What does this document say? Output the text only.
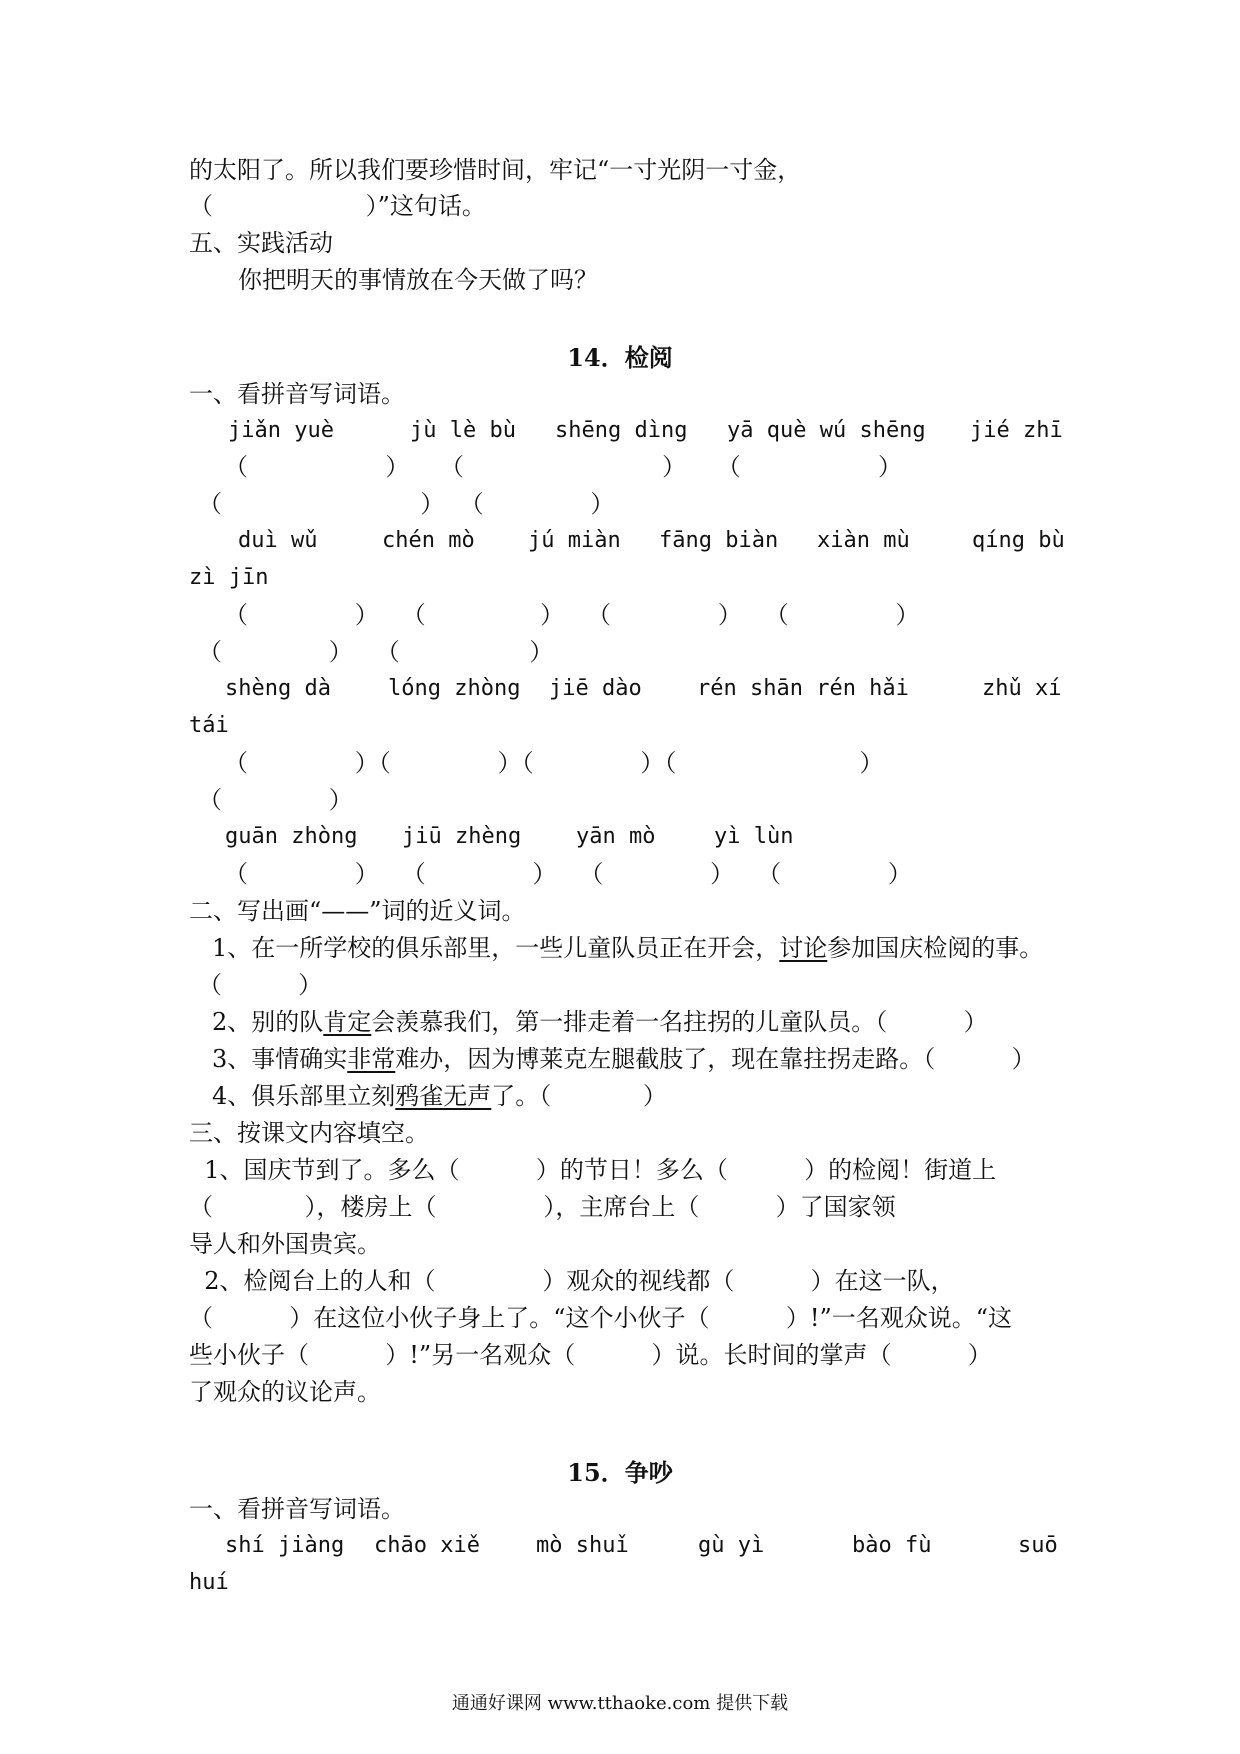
的太阳了。所以我们要珍惜时间，牢记“一寸光阴一寸金，
（                    ）”这句话。
五、实践活动
你把明天的事情放在今天做了吗？
14．检阅
一、看拼音写词语。
jiǎn yuè	jù lè bù shēng dìng yā què wú shēng jié zhī
（                  ）    （                          ）    （                  ）
（                          ）  （              ）
duì wǔ	chén mò jú miàn fāng biàn xiàn mù	qíng bù
zì jīn
（              ）   （               ）   （              ）   （              ）
（              ）   （                 ）
shèng dà	lóng zhòng jiē dào	rén shān rén hǎi	zhǔ xí
tái
（              ）（              ）（              ）（                        ）
（              ）
guān zhòng jiū zhèng yān mò	yì lùn
（              ）   （              ）   （              ）   （              ）
二、写出画“——”词的近义词。
1、在一所学校的俱乐部里，一些儿童队员正在开会，讨论参加国庆检阅的事。
（          ）
2、别的队肯定会羡慕我们，第一排走着一名拄拐的儿童队员。（          ）
3、事情确实非常难办，因为博莱克左腿截肢了，现在靠拄拐走路。（          ）
4、俱乐部里立刻鸦雀无声了。（            ）
三、按课文内容填空。
1、国庆节到了。多么（          ）的节日！多么（          ）的检阅！街道上
（            ），楼房上（              ），主席台上（          ）了国家领
导人和外国贵宾。
2、检阅台上的人和（              ）观众的视线都（          ）在这一队，
（          ）在这位小伙子身上了。“这个小伙子（          ）!”一名观众说。“这
些小伙子（          ）!”另一名观众（          ）说。长时间的掌声（          ）
了观众的议论声。
15．争吵
一、看拼音写词语。
shí jiàng chāo xiě	mò shuǐ	gù yì	bào fù	suō
huí
通通好课网 www.tthaoke.com 提供下载
